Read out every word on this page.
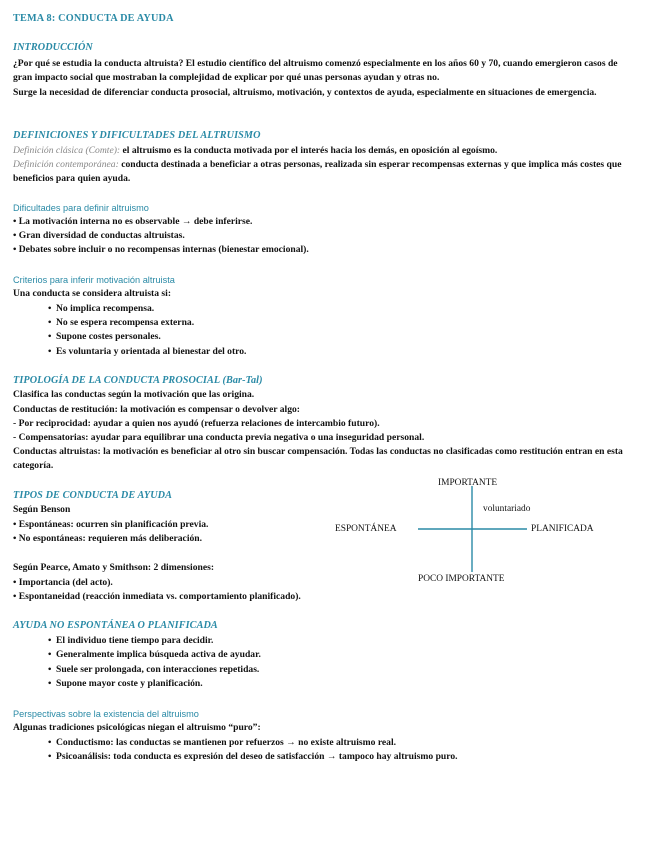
TEMA 8: CONDUCTA DE AYUDA
INTRODUCCIÓN
¿Por qué se estudia la conducta altruista? El estudio científico del altruismo comenzó especialmente en los años 60 y 70, cuando emergieron casos de gran impacto social que mostraban la complejidad de explicar por qué unas personas ayudan y otras no.
Surge la necesidad de diferenciar conducta prosocial, altruismo, motivación, y contextos de ayuda, especialmente en situaciones de emergencia.
DEFINICIONES Y DIFICULTADES DEL ALTRUISMO
Definición clásica (Comte): el altruismo es la conducta motivada por el interés hacia los demás, en oposición al egoísmo.
Definición contemporánea: conducta destinada a beneficiar a otras personas, realizada sin esperar recompensas externas y que implica más costes que beneficios para quien ayuda.
Dificultades para definir altruismo
• La motivación interna no es observable → debe inferirse.
• Gran diversidad de conductas altruistas.
• Debates sobre incluir o no recompensas internas (bienestar emocional).
Criterios para inferir motivación altruista
Una conducta se considera altruista si:
• No implica recompensa.
• No se espera recompensa externa.
• Supone costes personales.
• Es voluntaria y orientada al bienestar del otro.
TIPOLOGÍA DE LA CONDUCTA PROSOCIAL (Bar-Tal)
Clasifica las conductas según la motivación que las origina.
Conductas de restitución: la motivación es compensar o devolver algo:
- Por reciprocidad: ayudar a quien nos ayudó (refuerza relaciones de intercambio futuro).
- Compensatorias: ayudar para equilibrar una conducta previa negativa o una inseguridad personal.
Conductas altruistas: la motivación es beneficiar al otro sin buscar compensación. Todas las conductas no clasificadas como restitución entran en esta categoría.
TIPOS DE CONDUCTA DE AYUDA
Según Benson
• Espontáneas: ocurren sin planificación previa.
• No espontáneas: requieren más deliberación.
Según Pearce, Amato y Smithson: 2 dimensiones:
• Importancia (del acto).
• Espontaneidad (reacción inmediata vs. comportamiento planificado).
IMPORTANTE
POCO IMPORTANTE
ESPONTÁNEA	PLANIFICADA
voluntariado
AYUDA NO ESPONTÁNEA O PLANIFICADA
• El individuo tiene tiempo para decidir.
• Generalmente implica búsqueda activa de ayudar.
• Suele ser prolongada, con interacciones repetidas.
• Supone mayor coste y planificación.
Perspectivas sobre la existencia del altruismo
Algunas tradiciones psicológicas niegan el altruismo “puro”:
• Conductismo: las conductas se mantienen por refuerzos → no existe altruismo real.
• Psicoanálisis: toda conducta es expresión del deseo de satisfacción → tampoco hay altruismo puro.
